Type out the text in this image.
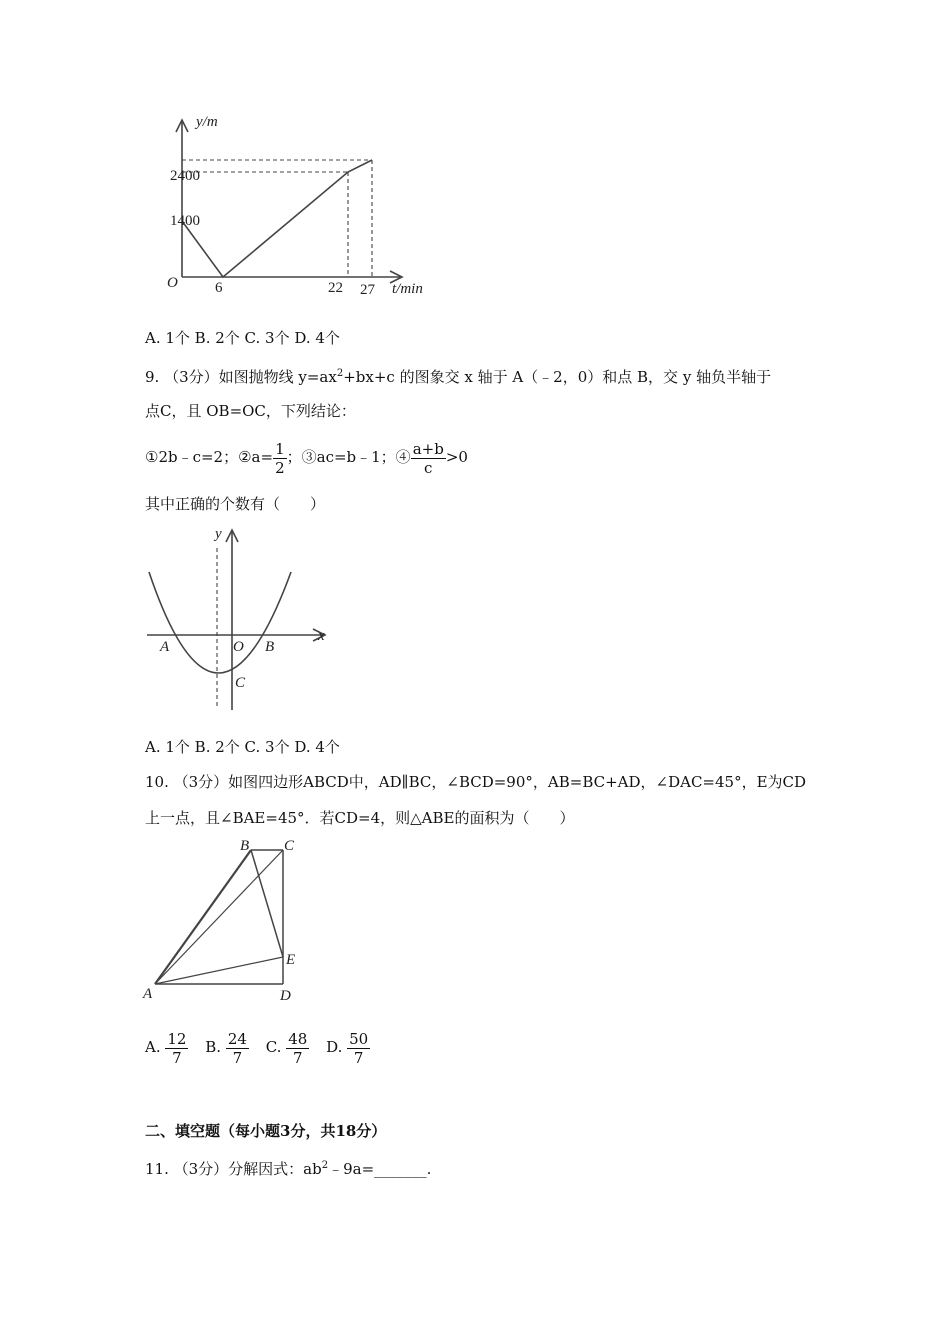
y/m
2400
1400
O 6	22 27 t/min
A. 1个 B. 2个 C. 3个 D. 4个
9. （3分）如图抛物线 $y=ax^2+bx+c$ 的图象交 x 轴于 A（﹣2，0）和点 B，交 y 轴负半轴于
点C，且 OB=OC，下列结论：
①2b﹣c=2；②a= $\frac{1}{2}$ ；③ac=b﹣1；④ $\frac{a+b}{c} >0$
其中正确的个数有（　　）
y
x
A	O B
C
A. 1个 B. 2个 C. 3个 D. 4个
10. （3分）如图四边形ABCD中，AD∥BC，∠BCD=90°，AB=BC+AD，∠DAC=45°，E为CD
上一点，且∠BAE=45°．若CD=4，则△ABE的面积为（　　）
B C
E
A	D
A. $\frac{12}{7} B$. $\frac{24}{7} C$. $\frac{48}{7} D$. $\frac{50}{7}$
二、填空题（每小题3分，共18分）
11. （3分）分解因式：$ab^2﹣9a=\_\_\_\_\_\_\_$.
